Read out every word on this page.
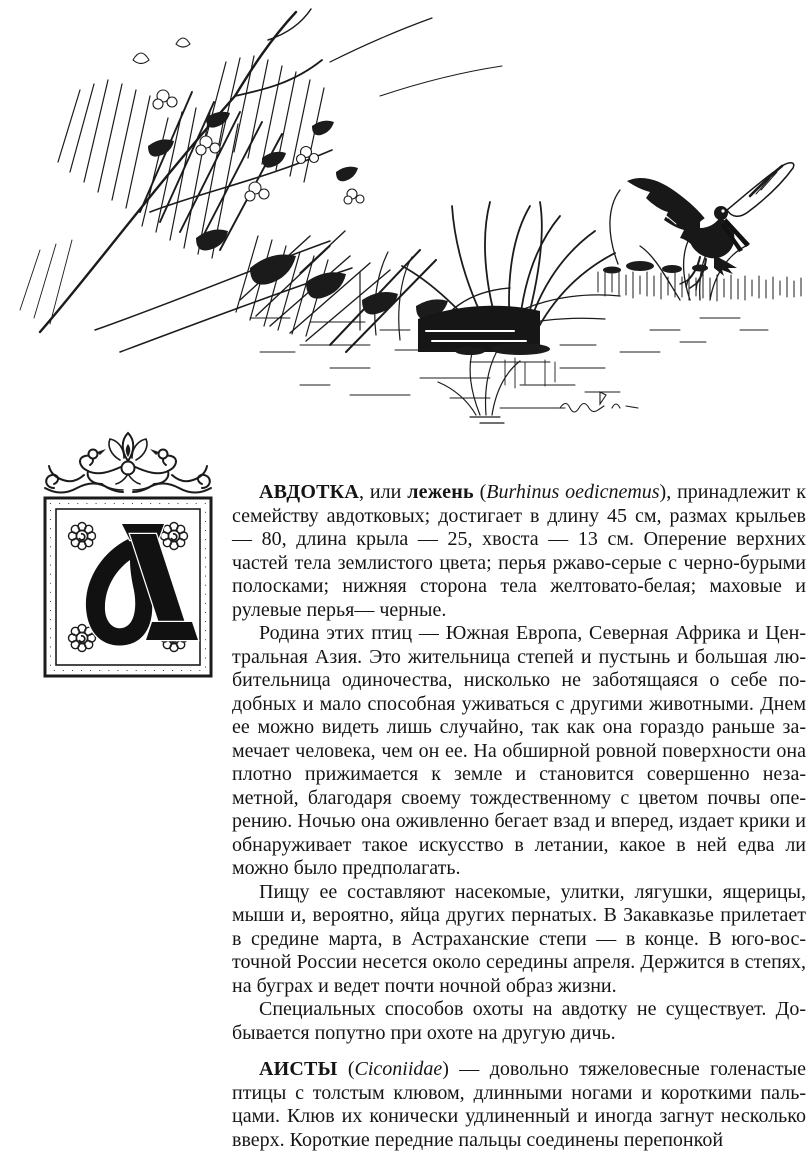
АВДОТКА, или лежень (Burhinus oedicnemus), принадлежит к семейству авдотковых; достигает в длину 45 см, размах крыльев — 80, длина крыла — 25, хвоста — 13 см. Оперение верхних частей тела землистого цвета; перья ржаво-серые с черно-бурыми полосками; нижняя сторона тела желтовато-белая; маховые и рулевые перья— черные.

Родина этих птиц — Южная Европа, Северная Африка и Центральная Азия. Это жительница степей и пустынь и большая любительница одиночества, нисколько не заботящаяся о себе подобных и мало способная уживаться с другими животными. Днем ее можно видеть лишь случайно, так как она гораздо раньше замечает человека, чем он ее. На обширной ровной поверхности она плотно прижимается к земле и становится совершенно незаметной, благодаря своему тождественному с цветом почвы оперению. Ночью она оживленно бегает взад и вперед, издает крики и обнаруживает такое искусство в летании, какое в ней едва ли можно было предполагать.

Пищу ее составляют насекомые, улитки, лягушки, ящерицы, мыши и, вероятно, яйца других пернатых. В Закавказье прилетает в средине марта, в Астраханские степи — в конце. В юго-восточной России несется около середины апреля. Держится в степях, на буграх и ведет почти ночной образ жизни.

Специальных способов охоты на авдотку не существует. Добывается попутно при охоте на другую дичь.

АИСТЫ (Ciconiidae) — довольно тяжеловесные голенастые птицы с толстым клювом, длинными ногами и короткими пальцами. Клюв их конически удлиненный и иногда загнут несколько вверх. Короткие передние пальцы соединены перепонкой
